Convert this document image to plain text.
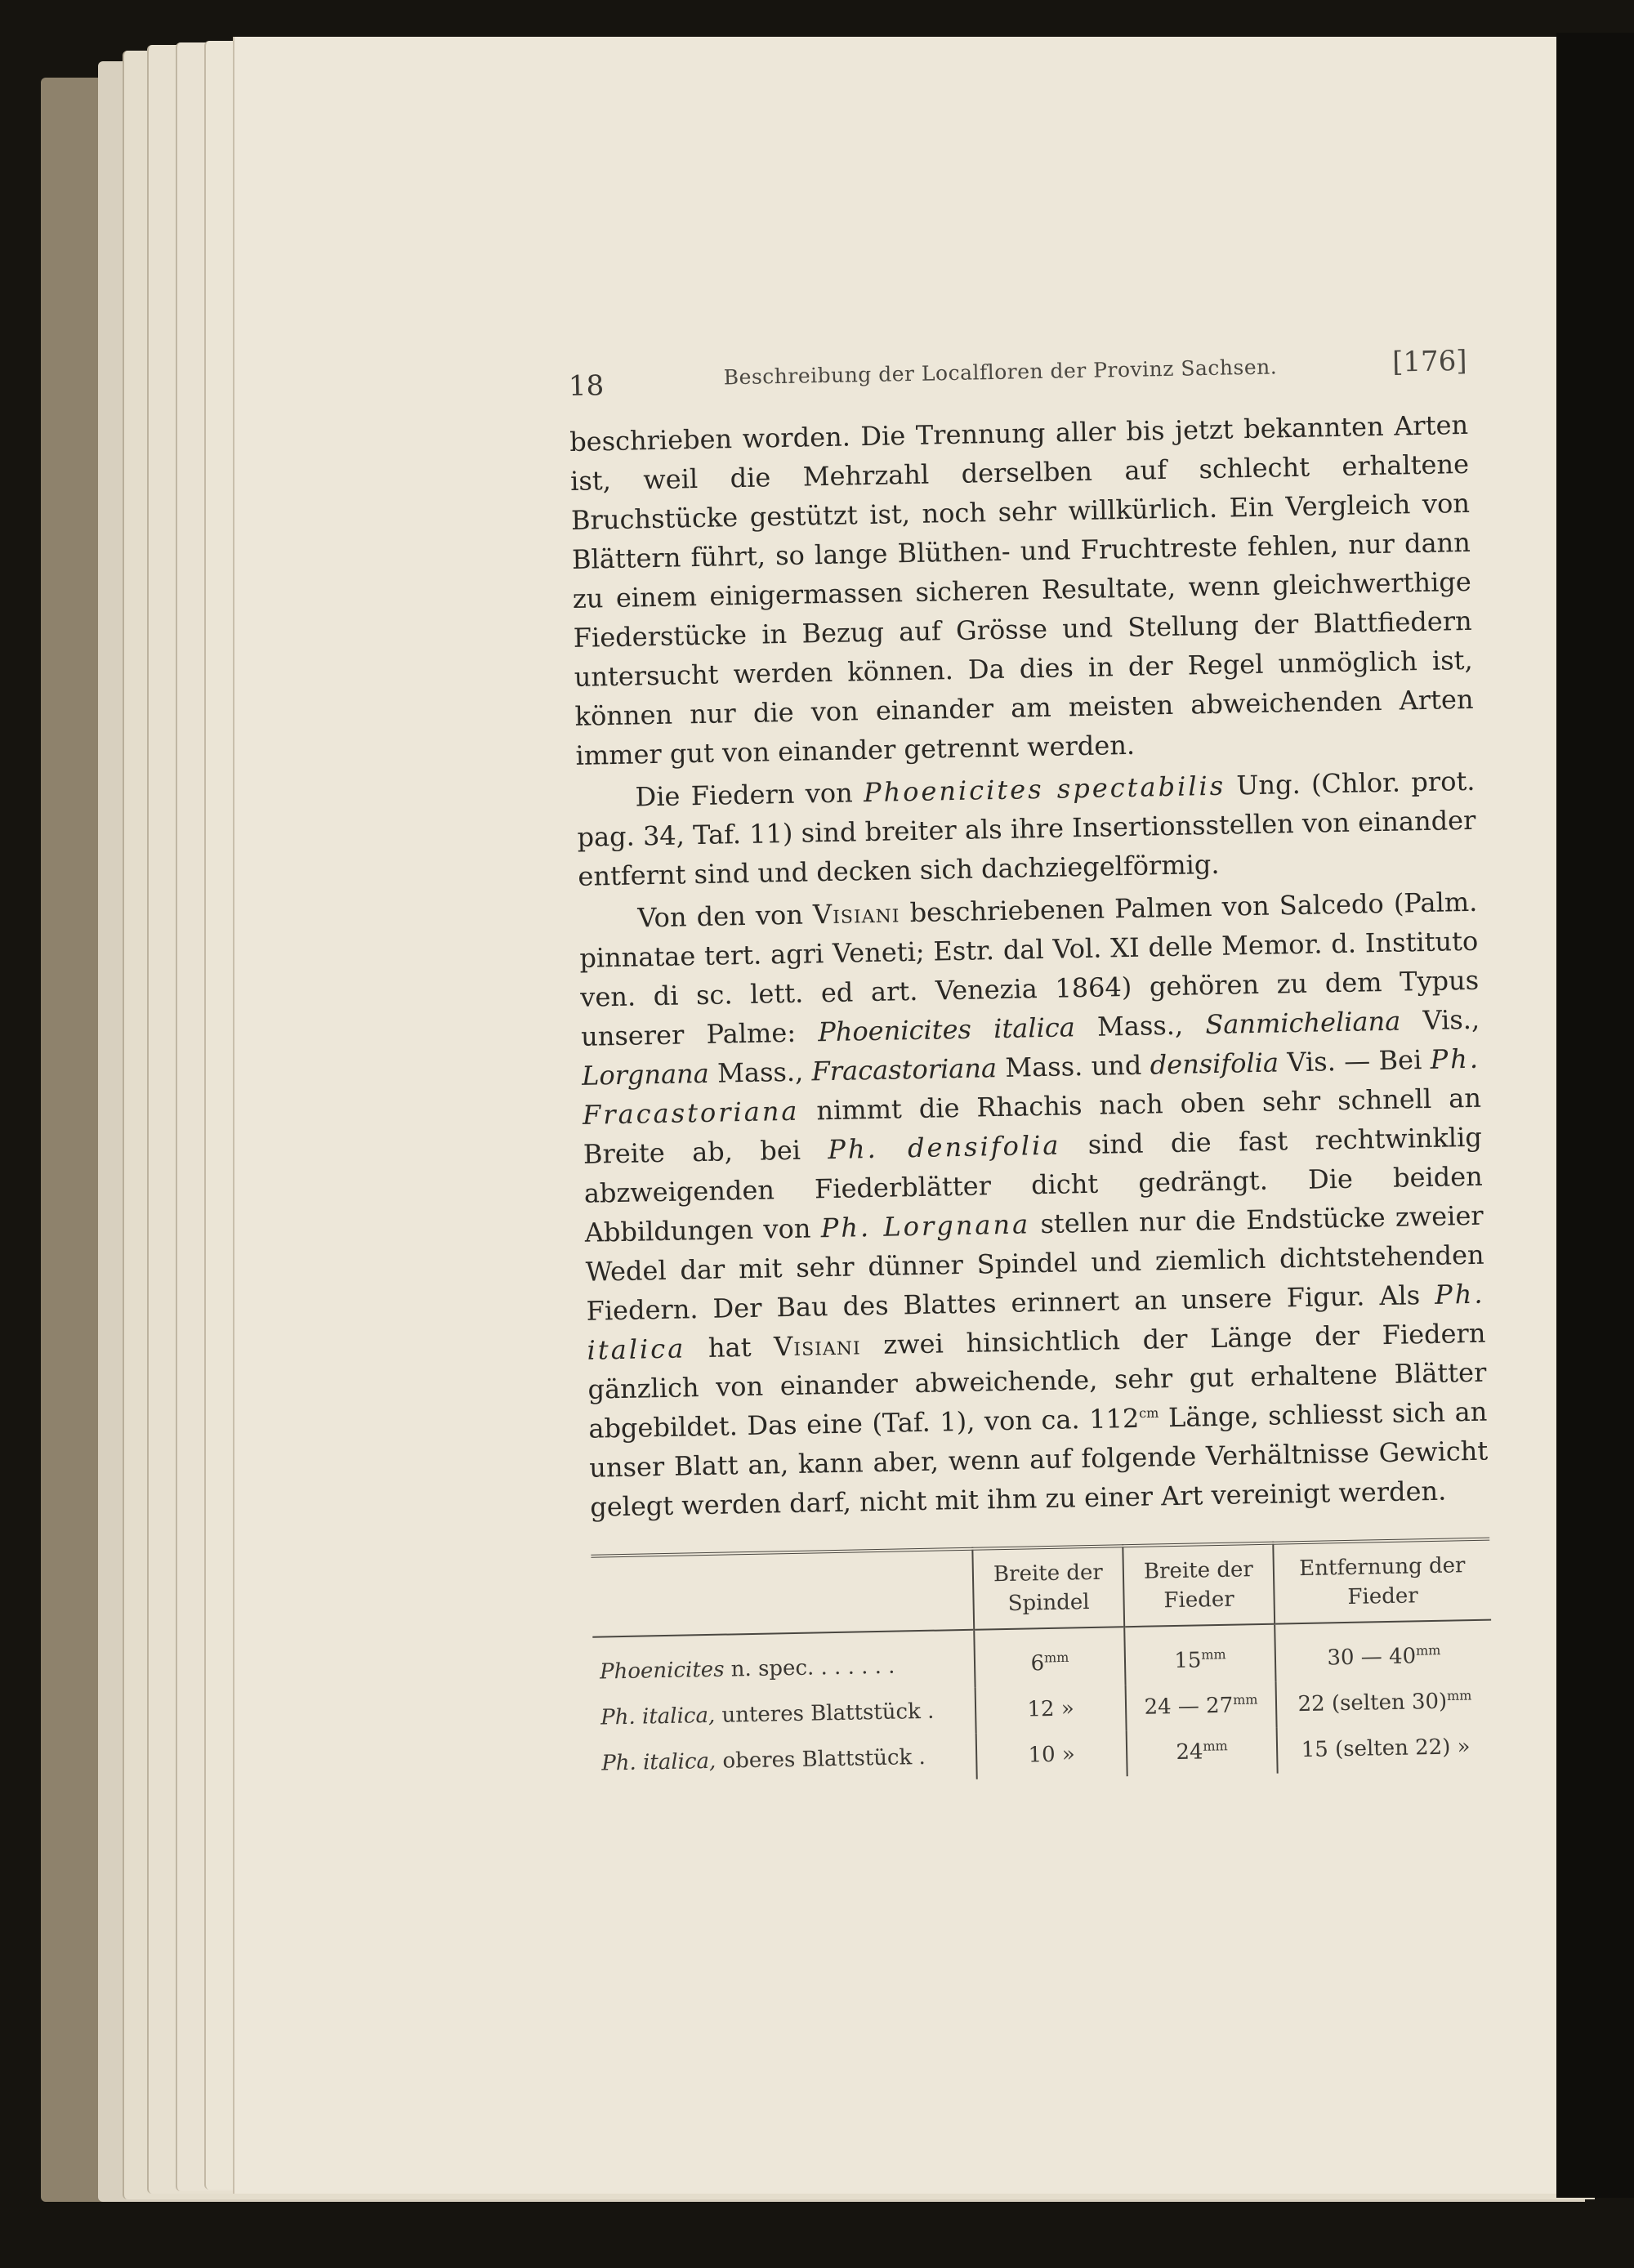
18	Beschreibung der Localfloren der Provinz Sachsen.	[176]

beschrieben worden. Die Trennung aller bis jetzt bekannten Arten ist, weil die Mehrzahl derselben auf schlecht erhaltene Bruchstücke gestützt ist, noch sehr willkürlich. Ein Vergleich von Blättern führt, so lange Blüthen- und Fruchtreste fehlen, nur dann zu einem einigermassen sicheren Resultate, wenn gleichwerthige Fiederstücke in Bezug auf Grösse und Stellung der Blattfiedern untersucht werden können. Da dies in der Regel unmöglich ist, können nur die von einander am meisten abweichenden Arten immer gut von einander getrennt werden.

Die Fiedern von Phoenicites spectabilis Ung. (Chlor. prot. pag. 34, Taf. 11) sind breiter als ihre Insertionsstellen von einander entfernt sind und decken sich dachziegelförmig.

Von den von Visiani beschriebenen Palmen von Salcedo (Palm. pinnatae tert. agri Veneti; Estr. dal Vol. XI delle Memor. d. Instituto ven. di sc. lett. ed art. Venezia 1864) gehören zu dem Typus unserer Palme: Phoenicites italica Mass., Sanmicheliana Vis., Lorgnana Mass., Fracastoriana Mass. und densifolia Vis. — Bei Ph. Fracastoriana nimmt die Rhachis nach oben sehr schnell an Breite ab, bei Ph. densifolia sind die fast rechtwinklig abzweigenden Fiederblätter dicht gedrängt. Die beiden Abbildungen von Ph. Lorgnana stellen nur die Endstücke zweier Wedel dar mit sehr dünner Spindel und ziemlich dichtstehenden Fiedern. Der Bau des Blattes erinnert an unsere Figur. Als Ph. italica hat Visiani zwei hinsichtlich der Länge der Fiedern gänzlich von einander abweichende, sehr gut erhaltene Blätter abgebildet. Das eine (Taf. 1), von ca. $112^{cm}$ Länge, schliesst sich an unser Blatt an, kann aber, wenn auf folgende Verhältnisse Gewicht gelegt werden darf, nicht mit ihm zu einer Art vereinigt werden.

	Breite der Spindel	Breite der Fieder	Entfernung der Fieder
Phoenicites n. spec. . . . . . .	$6^{mm}$	$15^{mm}$	30 — $40^{mm}$
Ph. italica, unteres Blattstück .	12 »	24 — $27^{mm}$	22 (selten 30)$^{mm}$
Ph. italica, oberes Blattstück .	10 »	$24^{mm}$	15 (selten 22) »
